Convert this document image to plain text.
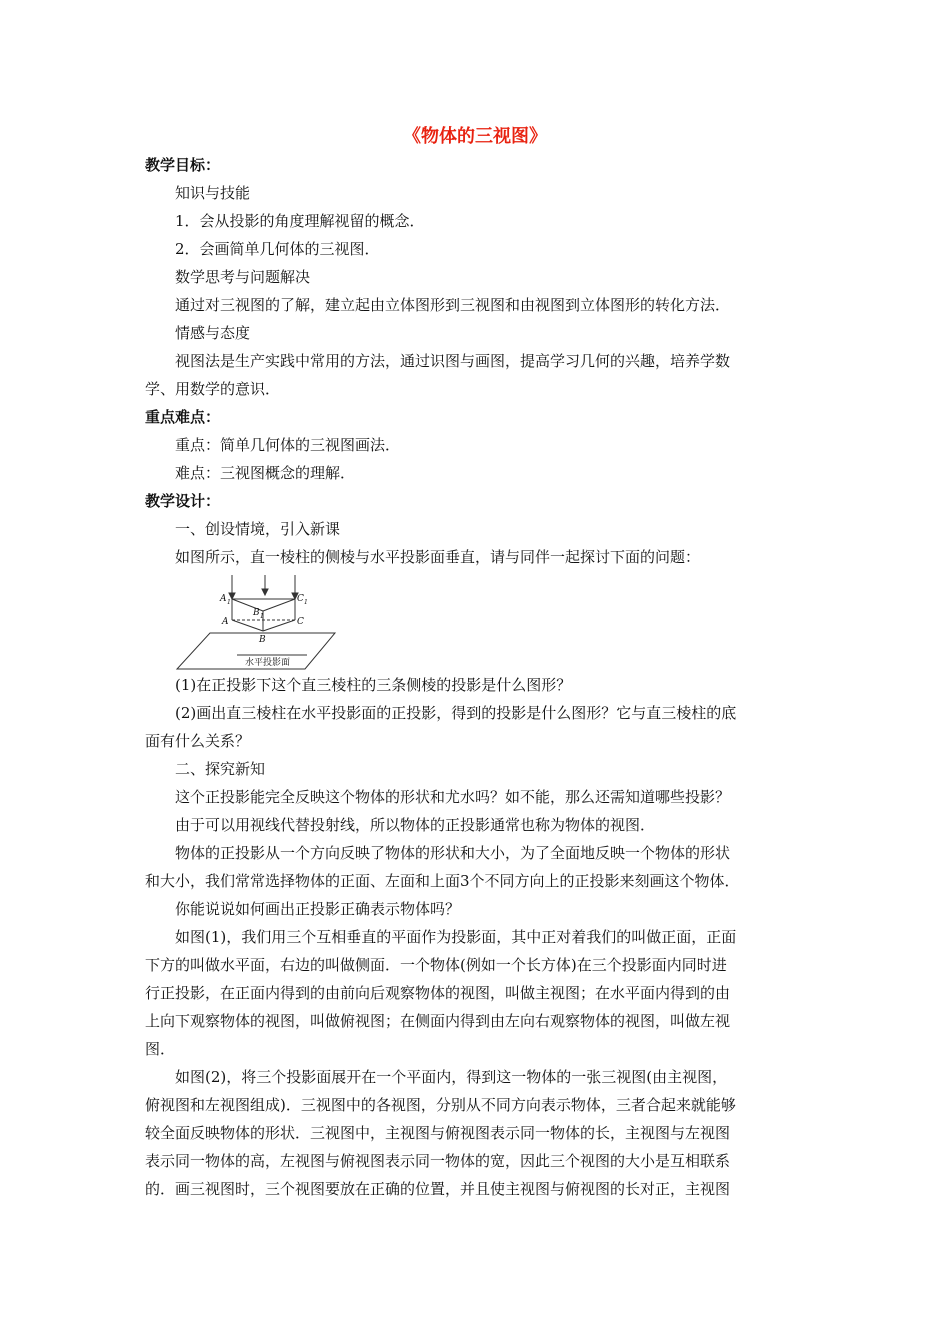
《物体的三视图》
教学目标：
知识与技能
1．会从投影的角度理解视留的概念．
2．会画简单几何体的三视图．
数学思考与问题解决
通过对三视图的了解，建立起由立体图形到三视图和由视图到立体图形的转化方法．
情感与态度
视图法是生产实践中常用的方法，通过识图与画图，提高学习几何的兴趣，培养学数
学、用数学的意识．
重点难点：
重点：简单几何体的三视图画法．
难点：三视图概念的理解．
教学设计：
一、创设情境，引入新课
如图所示，直一棱柱的侧棱与水平投影面垂直，请与同伴一起探讨下面的问题：
A 1
B 1
C 1
A
B
C
水平投影面
(1)在正投影下这个直三棱柱的三条侧棱的投影是什么图形？
(2)画出直三棱柱在水平投影面的正投影，得到的投影是什么图形？它与直三棱柱的底
面有什么关系？
二、探究新知
这个正投影能完全反映这个物体的形状和尤水吗？如不能，那么还需知道哪些投影？
由于可以用视线代替投射线，所以物体的正投影通常也称为物体的视图．
物体的正投影从一个方向反映了物体的形状和大小，为了全面地反映一个物体的形状
和大小，我们常常选择物体的正面、左面和上面3个不同方向上的正投影来刻画这个物体．
你能说说如何画出正投影正确表示物体吗？
如图(1)，我们用三个互相垂直的平面作为投影面，其中正对着我们的叫做正面，正面
下方的叫做水平面，右边的叫做侧面．一个物体(例如一个长方体)在三个投影面内同时进
行正投影，在正面内得到的由前向后观察物体的视图，叫做主视图；在水平面内得到的由
上向下观察物体的视图，叫做俯视图；在侧面内得到由左向右观察物体的视图，叫做左视
图．
如图(2)，将三个投影面展开在一个平面内，得到这一物体的一张三视图(由主视图，
俯视图和左视图组成)．三视图中的各视图，分别从不同方向表示物体，三者合起来就能够
较全面反映物体的形状．三视图中，主视图与俯视图表示同一物体的长，主视图与左视图
表示同一物体的高，左视图与俯视图表示同一物体的宽，因此三个视图的大小是互相联系
的．画三视图时，三个视图要放在正确的位置，并且使主视图与俯视图的长对正，主视图
